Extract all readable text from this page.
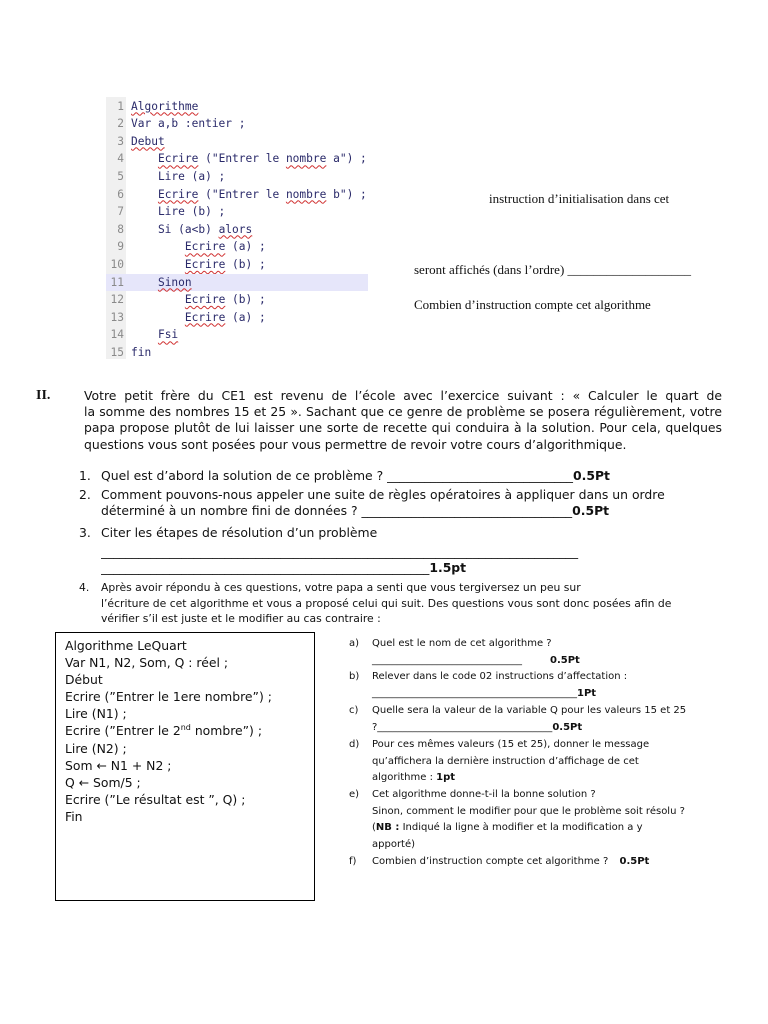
1 Algorithme
2 Var a,b :entier ;
3 Debut
4	Ecrire ("Entrer le nombre a") ;
5 Lire (a) ;
6	Ecrire ("Entrer le nombre b") ;
7 Lire (b) ;
8 Si (a<b) alors
9	Ecrire (a) ;
10	Ecrire (b) ;
11	Sinon
12	Ecrire (b) ;
13	Ecrire (a) ;
14	Fsi
15 fin
instruction d’initialisation dans cet
seront affichés (dans l’ordre) ___________________
Combien d’instruction compte cet algorithme
II.	Votre petit frère du CE1 est revenu de l’école avec l’exercice suivant : « Calculer le quart de
la somme des nombres 15 et 25 ». Sachant que ce genre de problème se posera régulièrement, votre
papa propose plutôt de lui laisser une sorte de recette qui conduira à la solution. Pour cela, quelques
questions vous sont posées pour vous permettre de revoir votre cours d’algorithmique.
1. Quel est d’abord la solution de ce problème ? ______________________________0.5Pt
2. Comment pouvons-nous appeler une suite de règles opératoires à appliquer dans un ordre
déterminé à un nombre fini de données ? __________________________________0.5Pt
3. Citer les étapes de résolution d’un problème
_____________________________________________________________________________
_____________________________________________________1.5pt
4. Après avoir répondu à ces questions, votre papa a senti que vous tergiversez un peu sur
l’écriture de cet algorithme et vous a proposé celui qui suit. Des questions vous sont donc posées afin de
vérifier s’il est juste et le modifier au cas contraire :
Algorithme LeQuart
Var N1, N2, Som, Q : réel ;
Début
Ecrire (”Entrer le 1ere nombre”) ;
Lire (N1) ;
Ecrire (”Entrer le 2nd nombre”) ;
Lire (N2) ;
Som ← N1 + N2 ;
Q ← Som/5 ;
Ecrire (”Le résultat est ”, Q) ;
Fin
a) Quel est le nom de cet algorithme ?
______________________________	0.5Pt
b) Relever dans le code 02 instructions d’affectation :
_________________________________________1Pt
c) Quelle sera la valeur de la variable Q pour les valeurs 15 et 25
?___________________________________0.5Pt
d) Pour ces mêmes valeurs (15 et 25), donner le message
qu’affichera la dernière instruction d’affichage de cet
algorithme : 1pt
e) Cet algorithme donne-t-il la bonne solution ?
Sinon, comment le modifier pour que le problème soit résolu ?
(NB : Indiqué la ligne à modifier et la modification a y
apporté)
f) Combien d’instruction compte cet algorithme ? 0.5Pt
